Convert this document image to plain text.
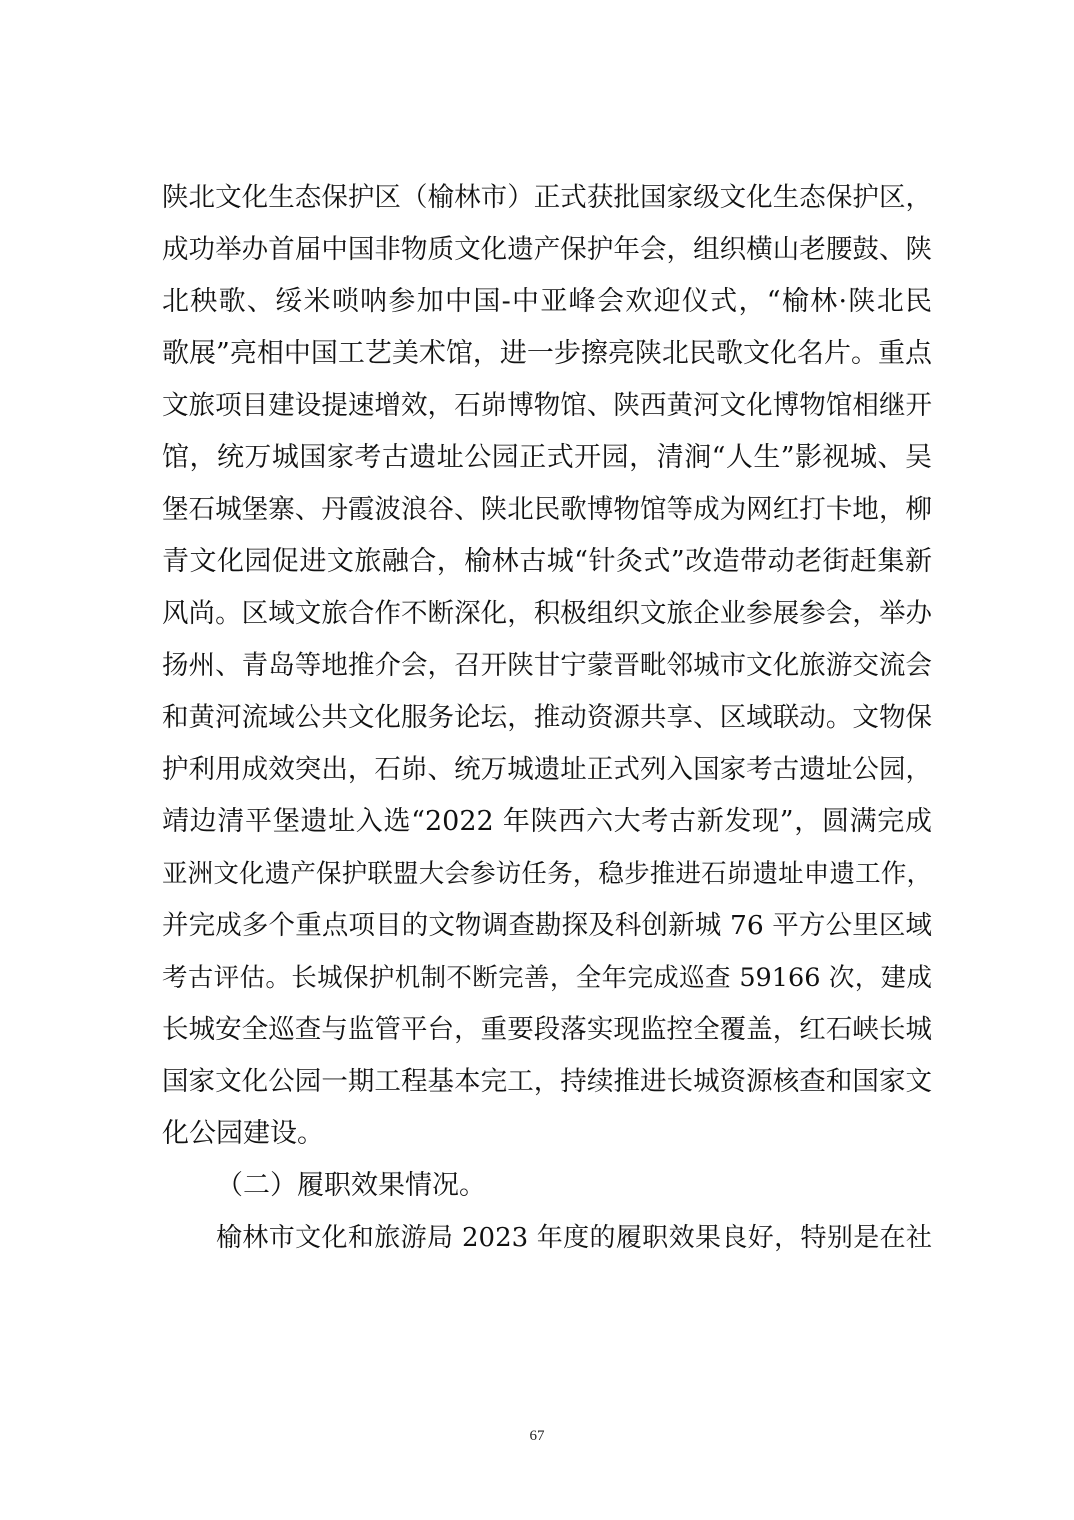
陕北文化生态保护区（榆林市）正式获批国家级文化生态保护区，
成功举办首届中国非物质文化遗产保护年会，组织横山老腰鼓、陕
北秧歌、绥米唢呐参加中国-中亚峰会欢迎仪式，“榆林·陕北民
歌展”亮相中国工艺美术馆，进一步擦亮陕北民歌文化名片。重点
文旅项目建设提速增效，石峁博物馆、陕西黄河文化博物馆相继开
馆，统万城国家考古遗址公园正式开园，清涧“人生”影视城、吴
堡石城堡寨、丹霞波浪谷、陕北民歌博物馆等成为网红打卡地，柳
青文化园促进文旅融合，榆林古城“针灸式”改造带动老街赶集新
风尚。区域文旅合作不断深化，积极组织文旅企业参展参会，举办
扬州、青岛等地推介会，召开陕甘宁蒙晋毗邻城市文化旅游交流会
和黄河流域公共文化服务论坛，推动资源共享、区域联动。文物保
护利用成效突出，石峁、统万城遗址正式列入国家考古遗址公园，
靖边清平堡遗址入选“2022 年陕西六大考古新发现”，圆满完成
亚洲文化遗产保护联盟大会参访任务，稳步推进石峁遗址申遗工作，
并完成多个重点项目的文物调查勘探及科创新城 76 平方公里区域
考古评估。长城保护机制不断完善，全年完成巡查 59166 次，建成
长城安全巡查与监管平台，重要段落实现监控全覆盖，红石峡长城
国家文化公园一期工程基本完工，持续推进长城资源核查和国家文
化公园建设。
（二）履职效果情况。
榆林市文化和旅游局 2023 年度的履职效果良好，特别是在社
67
